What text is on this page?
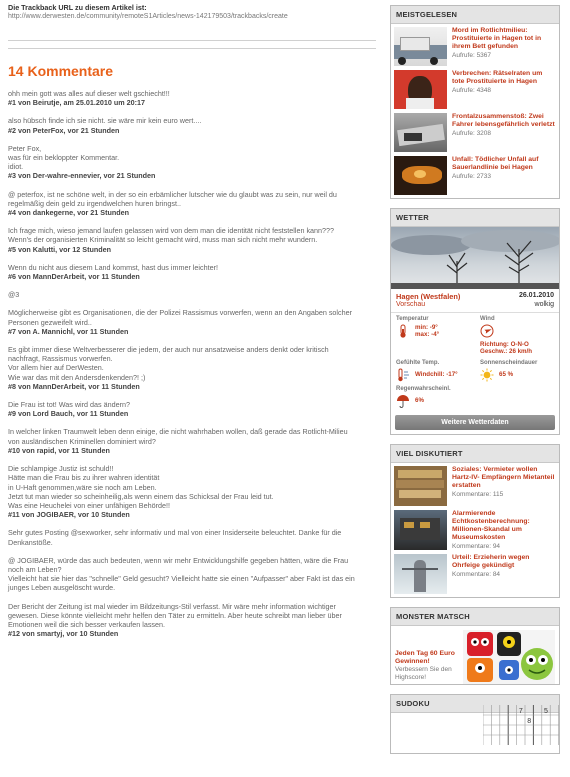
Die Trackback URL zu diesem Artikel ist:
http://www.derwesten.de/community/remoteS1Articles/news-142179503/trackbacks/create
14 Kommentare
ohh mein gott was alles auf dieser welt gschiecht!!!
#1 von Beirutje, am 25.01.2010 um 20:17
also hübsch finde ich sie nicht. sie wäre mir kein euro wert....
#2 von PeterFox, vor 21 Stunden
Peter Fox,
was für ein bekloppter Kommentar.
idiot.
#3 von Der-wahre-ennevier, vor 21 Stunden
@ peterfox, ist ne schöne welt, in der so ein erbämlicher lutscher wie du glaubt was zu sein, nur weil du
regelmäßig dein geld zu irgendwelchen huren bringst..
#4 von dankegerne, vor 21 Stunden
Ich frage mich, wieso jemand laufen gelassen wird von dem man die identität nicht feststellen kann???
Wenn's der organisierten Kriminalität so leicht gemacht wird, muss man sich nicht mehr wundern.
#5 von Kalutti, vor 12 Stunden
Wenn du nicht aus diesem Land kommst, hast dus immer leichter!
#6 von MannDerArbeit, vor 11 Stunden
@3
Möglicherweise gibt es Organisationen, die der Polizei Rassismus vorwerfen, wenn an den Angaben solcher
Personen gezweifelt wird..
#7 von A. Mannichl, vor 11 Stunden
Es gibt immer diese Weltverbesserer die jedem, der auch nur ansatzweise anders denkt oder kritisch
nachfragt, Rassismus vorwerfen.
Vor allem hier auf DerWesten.
Wie war das mit den Andersdenkenden?! ;)
#8 von MannDerArbeit, vor 11 Stunden
Die Frau ist tot! Was wird das ändern?
#9 von Lord Bauch, vor 11 Stunden
In welcher linken Traumwelt leben denn einige, die nicht wahrhaben wollen, daß gerade das Rotlicht-Milieu
von ausländischen Kriminellen dominiert wird?
#10 von rapid, vor 11 Stunden
Die schlampige Justiz ist schuld!!
Hätte man die Frau bis zu ihrer wahren identität
in U-Haft genommen,wäre sie noch am Leben.
Jetzt tut man wieder so scheinheilig,als wenn einem das Schicksal der Frau leid tut.
Was eine Heuchelei von einer unfähigen Behörde!!
#11 von JOGIBAER, vor 10 Stunden
Sehr gutes Posting @sexworker, sehr informativ und mal von einer Insiderseite beleuchtet. Danke für die
Denkanstöße.
@ JOGIBAER, würde das auch bedeuten, wenn wir mehr Entwicklungshilfe gegeben hätten, wäre die Frau
noch am Leben?
Vielleicht hat sie hier das "schnelle" Geld gesucht? Vielleicht hatte sie einen "Aufpasser" aber Fakt ist das ein
junges Leben ausgelöscht wurde.
Der Bericht der Zeitung ist mal wieder im Bildzeitungs-Stil verfasst. Mir wäre mehr information wichtiger
gewesen. Diese könnte vielleicht mehr helfen den Täter zu ermitteln. Aber heute schreibt man lieber über
Emotionen weil die sich besser verkaufen lassen.
#12 von smartyj, vor 10 Stunden
MEISTGELESEN
Mord im Rotlichtmilieu: Prostituierte in Hagen tot in ihrem Bett gefunden
Aufrufe: 5367
Verbrechen: Rätselraten um tote Prostituierte in Hagen
Aufrufe: 4348
Frontalzusammenstoß: Zwei Fahrer lebensgefährlich verletzt
Aufrufe: 3208
Unfall: Tödlicher Unfall auf Sauerlandlinie bei Hagen
Aufrufe: 2733
WETTER
Hagen (Westfalen)	26.01.2010
Vorschau	wolkig
Temperatur
min: -9°
max: -4°
Wind
Richtung: O-N-O
Geschw.: 26 km/h
Gefühlte Temp.
Windchill: -17°
Sonnenscheindauer
65 %
Regenwahrscheinl.
6%
Weitere Wetterdaten
VIEL DISKUTIERT
Soziales: Vermieter wollen Hartz-IV- Empfängern Mietanteil erstatten
Kommentare: 115
Alarmierende Echtkostenberechnung: Millionen-Skandal um Museumskosten
Kommentare: 94
Urteil: Erzieherin wegen Ohrfeige gekündigt
Kommentare: 84
MONSTER MATSCH
Jeden Tag 60 Euro Gewinnen!
Verbessern Sie den Highscore!
SUDOKU
7	5
8
